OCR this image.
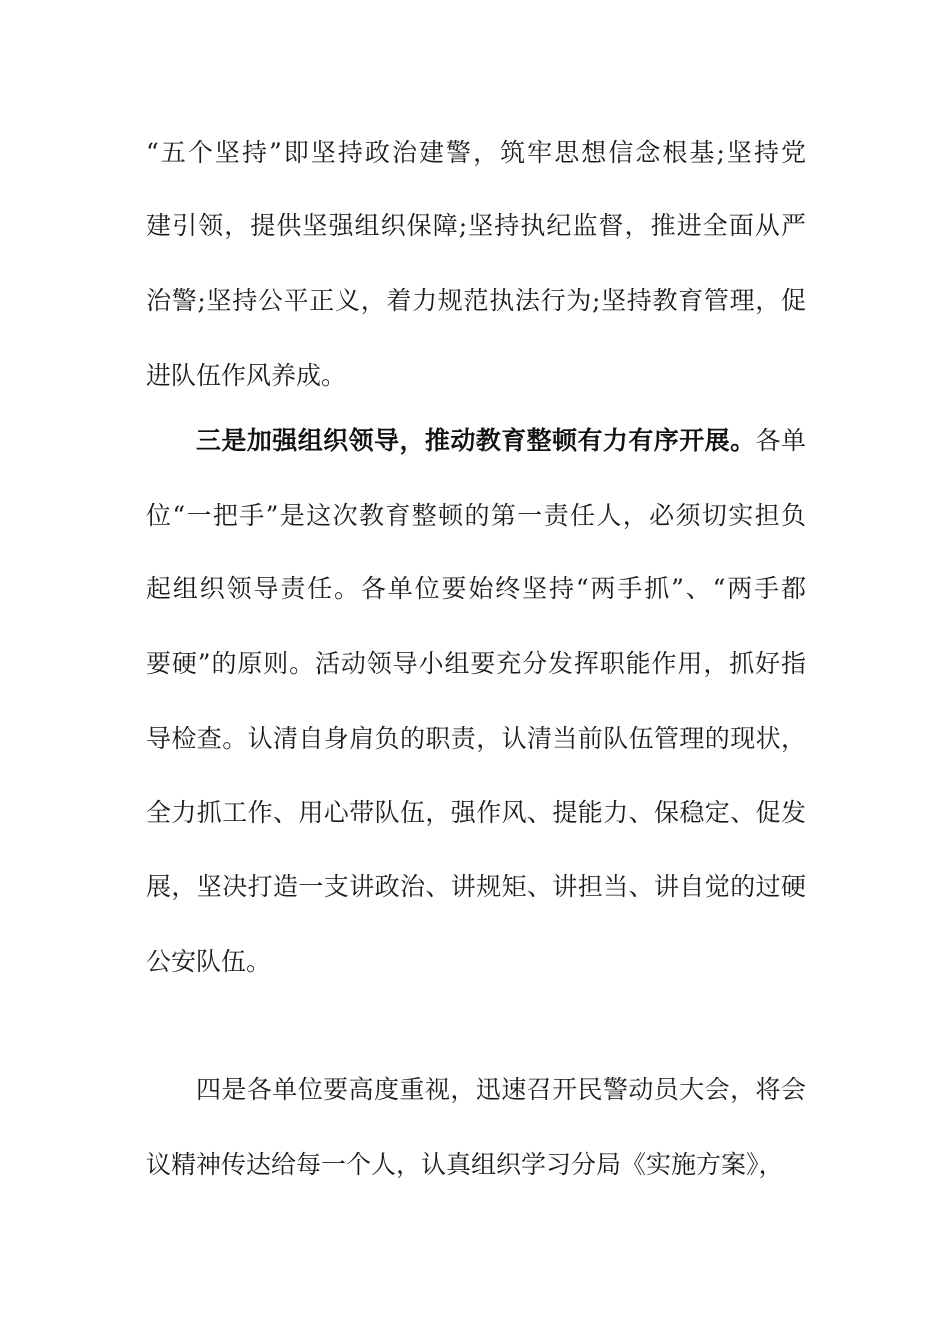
“五个坚持”即坚持政治建警，筑牢思想信念根基;坚持党
建引领，提供坚强组织保障;坚持执纪监督，推进全面从严
治警;坚持公平正义，着力规范执法行为;坚持教育管理，促
进队伍作风养成。
三是加强组织领导，推动教育整顿有力有序开展。各单
位“一把手”是这次教育整顿的第一责任人，必须切实担负
起组织领导责任。各单位要始终坚持“两手抓”、“两手都
要硬”的原则。活动领导小组要充分发挥职能作用，抓好指
导检查。认清自身肩负的职责，认清当前队伍管理的现状，
全力抓工作、用心带队伍，强作风、提能力、保稳定、促发
展，坚决打造一支讲政治、讲规矩、讲担当、讲自觉的过硬
公安队伍。
四是各单位要高度重视，迅速召开民警动员大会，将会
议精神传达给每一个人，认真组织学习分局《实施方案》，
